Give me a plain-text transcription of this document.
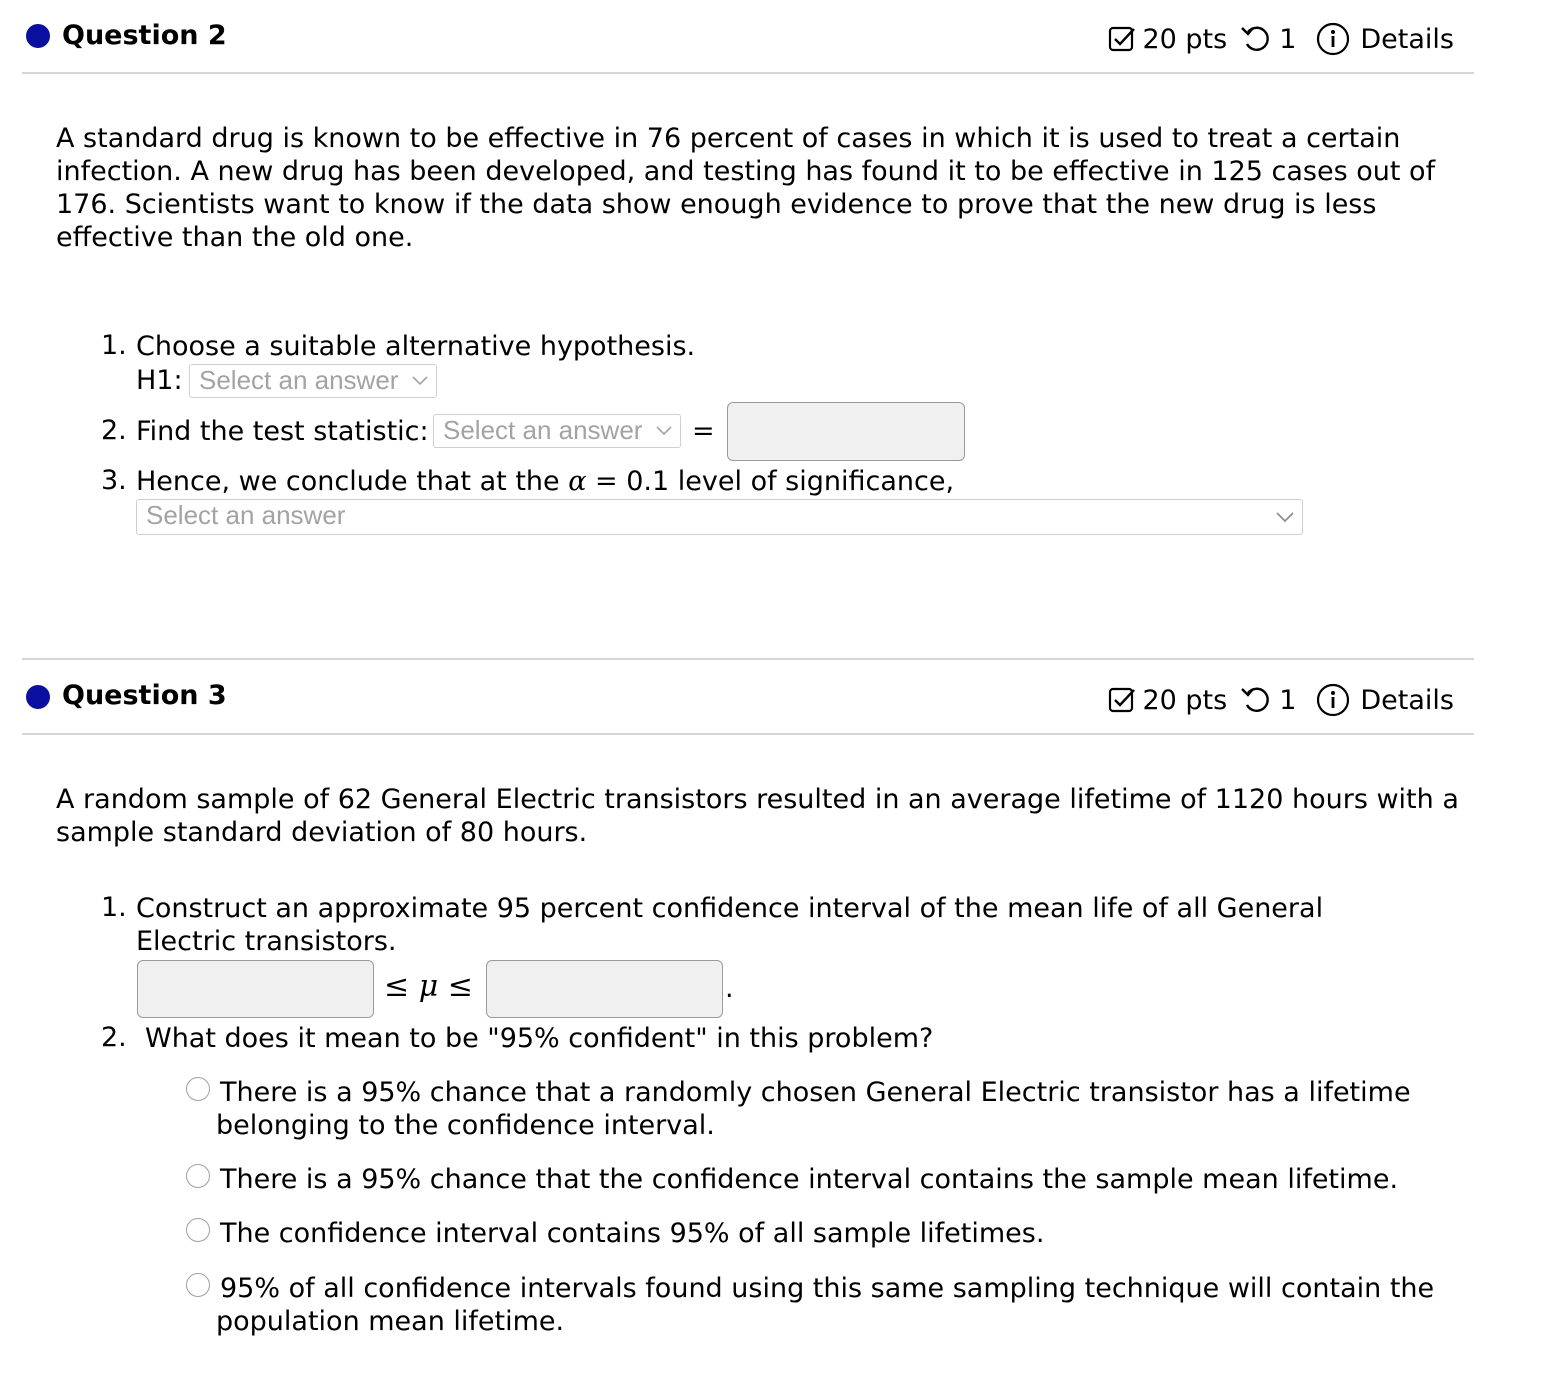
Question 2	20 pts 1 Details
A standard drug is known to be effective in 76 percent of cases in which it is used to treat a certain infection. A new drug has been developed, and testing has found it to be effective in 125 cases out of 176. Scientists want to know if the data show enough evidence to prove that the new drug is less effective than the old one.
1. Choose a suitable alternative hypothesis.
H1: Select an answer
2. Find the test statistic: Select an answer	=
3. Hence, we conclude that at the α = 0.1 level of significance,
Select an answer
Question 3	20 pts 1 Details
A random sample of 62 General Electric transistors resulted in an average lifetime of 1120 hours with a sample standard deviation of 80 hours.
1. Construct an approximate 95 percent confidence interval of the mean life of all General Electric transistors.
≤ μ ≤	.
2. What does it mean to be "95% confident" in this problem?
There is a 95% chance that a randomly chosen General Electric transistor has a lifetime belonging to the confidence interval.
There is a 95% chance that the confidence interval contains the sample mean lifetime.
The confidence interval contains 95% of all sample lifetimes.
95% of all confidence intervals found using this same sampling technique will contain the population mean lifetime.
